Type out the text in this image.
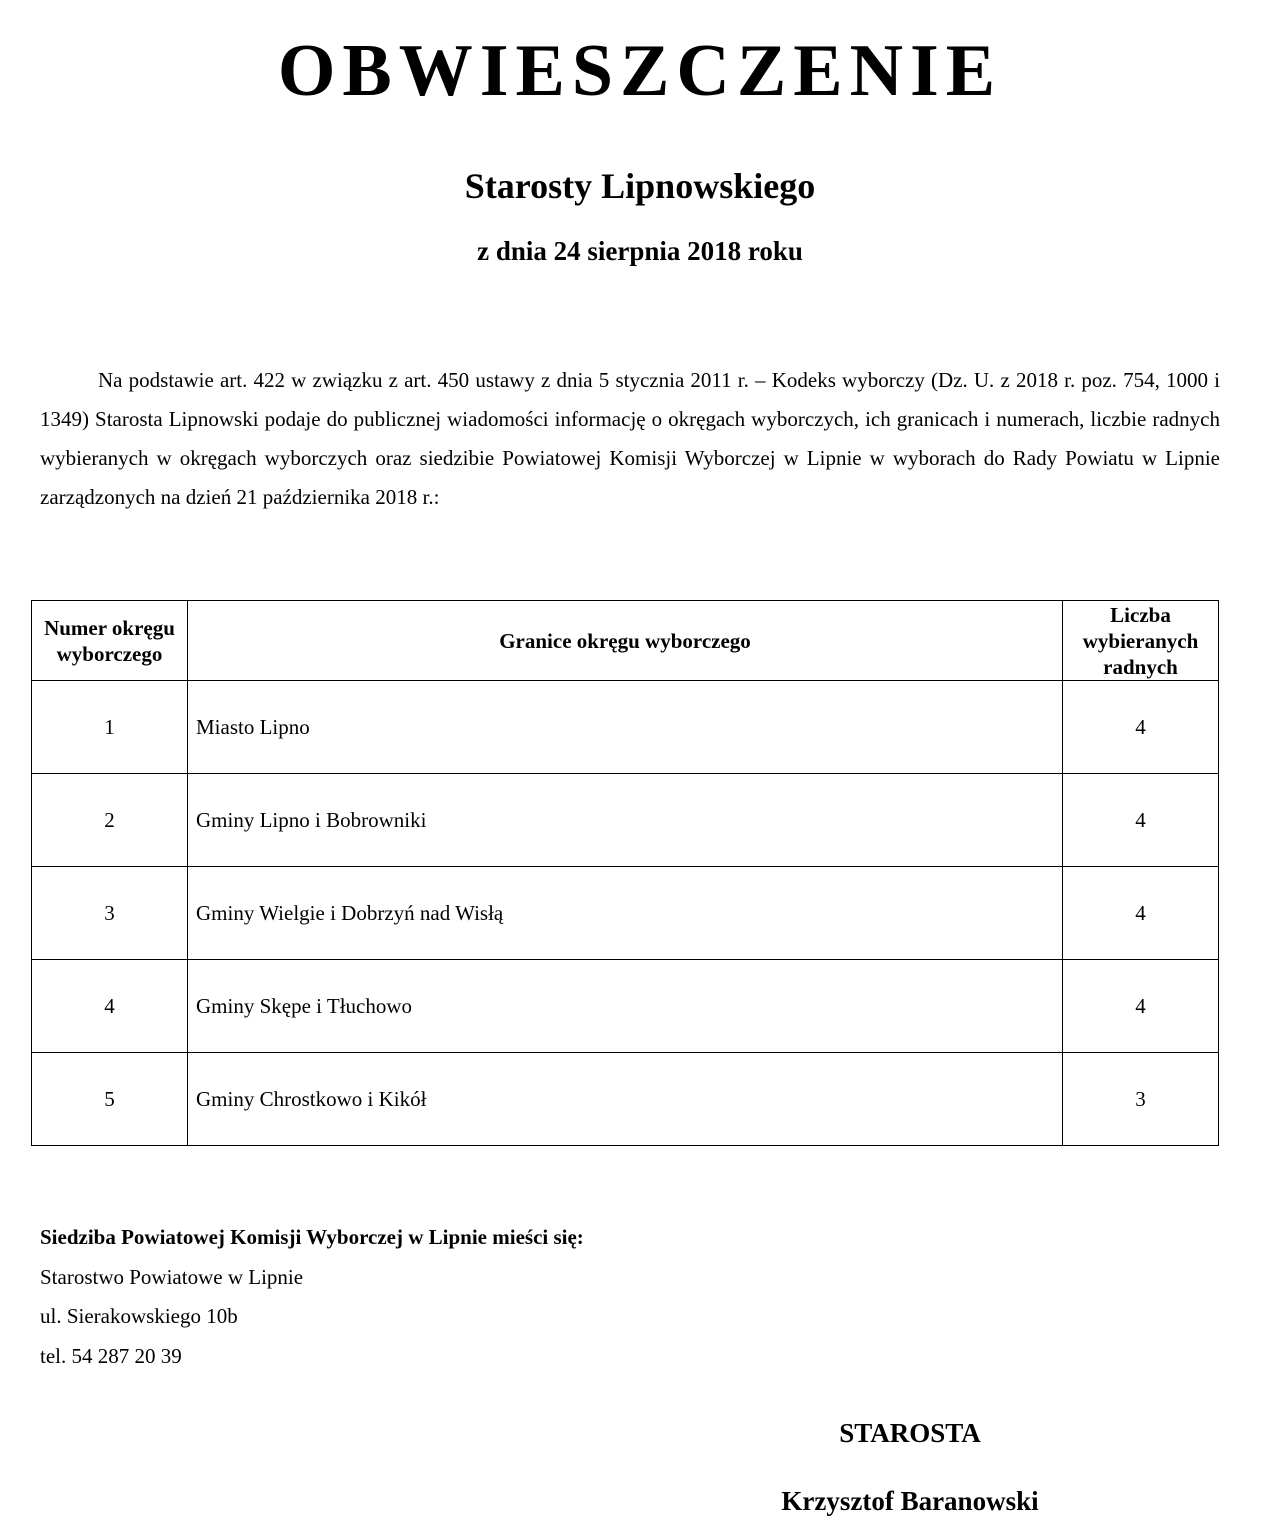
OBWIESZCZENIE
Starosty Lipnowskiego
z dnia 24 sierpnia 2018 roku

Na podstawie art. 422 w związku z art. 450 ustawy z dnia 5 stycznia 2011 r. – Kodeks wyborczy (Dz. U. z 2018 r. poz. 754, 1000 i 1349) Starosta Lipnowski podaje do publicznej wiadomości informację o okręgach wyborczych, ich granicach i numerach, liczbie radnych wybieranych w okręgach wyborczych oraz siedzibie Powiatowej Komisji Wyborczej w Lipnie w wyborach do Rady Powiatu w Lipnie zarządzonych na dzień 21 października 2018 r.:

Numer okręgu wyborczego	Granice okręgu wyborczego	Liczba wybieranych radnych
1	Miasto Lipno	4
2	Gminy Lipno i Bobrowniki	4
3	Gminy Wielgie i Dobrzyń nad Wisłą	4
4	Gminy Skępe i Tłuchowo	4
5	Gminy Chrostkowo i Kikół	3
Siedziba Powiatowej Komisji Wyborczej w Lipnie mieści się:
Starostwo Powiatowe w Lipnie
ul. Sierakowskiego 10b
tel. 54 287 20 39

STAROSTA

Krzysztof Baranowski
